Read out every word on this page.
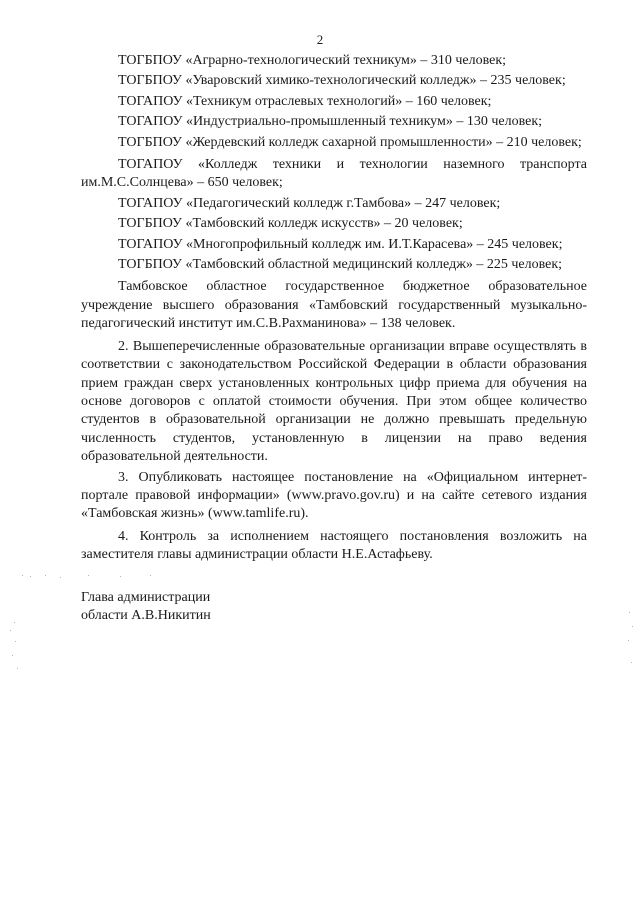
2

ТОГБПОУ «Аграрно-технологический техникум» – 310 человек;

ТОГБПОУ «Уваровский химико-технологический колледж» – 235 человек;

ТОГАПОУ «Техникум отраслевых технологий» – 160 человек;

ТОГАПОУ «Индустриально-промышленный техникум» – 130 человек;

ТОГБПОУ «Жердевский колледж сахарной промышленности» – 210 человек;

ТОГАПОУ «Колледж техники и технологии наземного транспорта им.М.С.Солнцева» – 650 человек;

ТОГАПОУ «Педагогический колледж г.Тамбова» – 247 человек;

ТОГБПОУ «Тамбовский колледж искусств» – 20 человек;

ТОГАПОУ «Многопрофильный колледж им. И.Т.Карасева» – 245 человек;

ТОГБПОУ «Тамбовский областной медицинский колледж» – 225 человек;

Тамбовское областное государственное бюджетное образовательное учреждение высшего образования «Тамбовский государственный музыкально-педагогический институт им.С.В.Рахманинова» – 138 человек.

2. Вышеперечисленные образовательные организации вправе осуществлять в соответствии с законодательством Российской Федерации в области образования прием граждан сверх установленных контрольных цифр приема для обучения на основе договоров с оплатой стоимости обучения. При этом общее количество студентов в образовательной организации не должно превышать предельную численность студентов, установленную в лицензии на право ведения образовательной деятельности.

3. Опубликовать настоящее постановление на «Официальном интернет-портале правовой информации» (www.pravo.gov.ru) и на сайте сетевого издания «Тамбовская жизнь» (www.tamlife.ru).

4. Контроль за исполнением настоящего постановления возложить на заместителя главы администрации области Н.Е.Астафьеву.

Глава администрации
области А.В.Никитин
